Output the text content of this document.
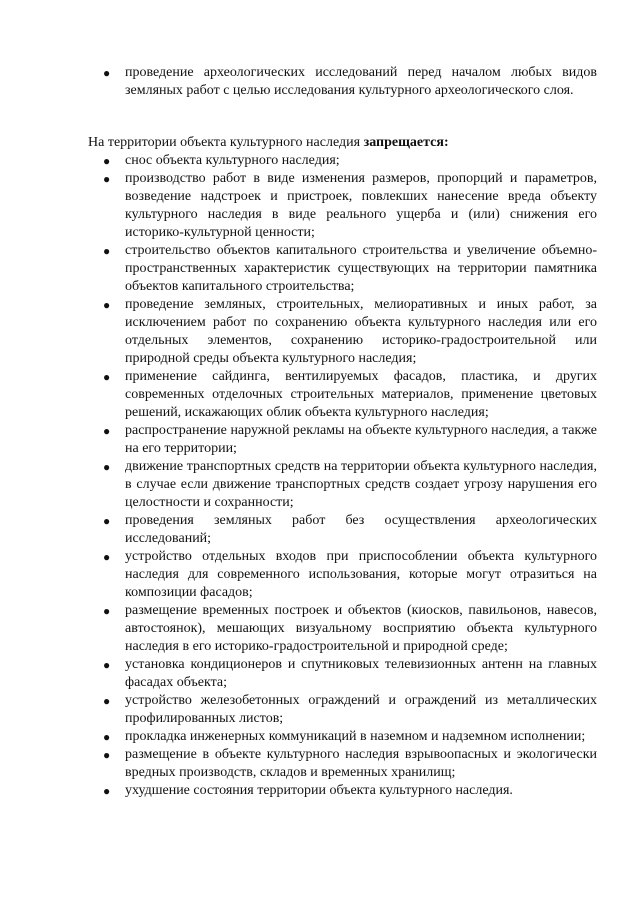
● проведение археологических исследований перед началом любых видов земляных работ с целью исследования культурного археологического слоя.

На территории объекта культурного наследия запрещается:

● снос объекта культурного наследия;
● производство работ в виде изменения размеров, пропорций и параметров, возведение надстроек и пристроек, повлекших нанесение вреда объекту культурного наследия в виде реального ущерба и (или) снижения его историко-культурной ценности;
● строительство объектов капитального строительства и увеличение объемно-пространственных характеристик существующих на территории памятника объектов капитального строительства;
● проведение земляных, строительных, мелиоративных и иных работ, за исключением работ по сохранению объекта культурного наследия или его отдельных элементов, сохранению историко-градостроительной или природной среды объекта культурного наследия;
● применение сайдинга, вентилируемых фасадов, пластика, и других современных отделочных строительных материалов, применение цветовых решений, искажающих облик объекта культурного наследия;
● распространение наружной рекламы на объекте культурного наследия, а также на его территории;
● движение транспортных средств на территории объекта культурного наследия, в случае если движение транспортных средств создает угрозу нарушения его целостности и сохранности;
● проведения земляных работ без осуществления археологических исследований;
● устройство отдельных входов при приспособлении объекта культурного наследия для современного использования, которые могут отразиться на композиции фасадов;
● размещение временных построек и объектов (киосков, павильонов, навесов, автостоянок), мешающих визуальному восприятию объекта культурного наследия в его историко-градостроительной и природной среде;
● установка кондиционеров и спутниковых телевизионных антенн на главных фасадах объекта;
● устройство железобетонных ограждений и ограждений из металлических профилированных листов;
● прокладка инженерных коммуникаций в наземном и надземном исполнении;
● размещение в объекте культурного наследия взрывоопасных и экологически вредных производств, складов и временных хранилищ;
● ухудшение состояния территории объекта культурного наследия.
